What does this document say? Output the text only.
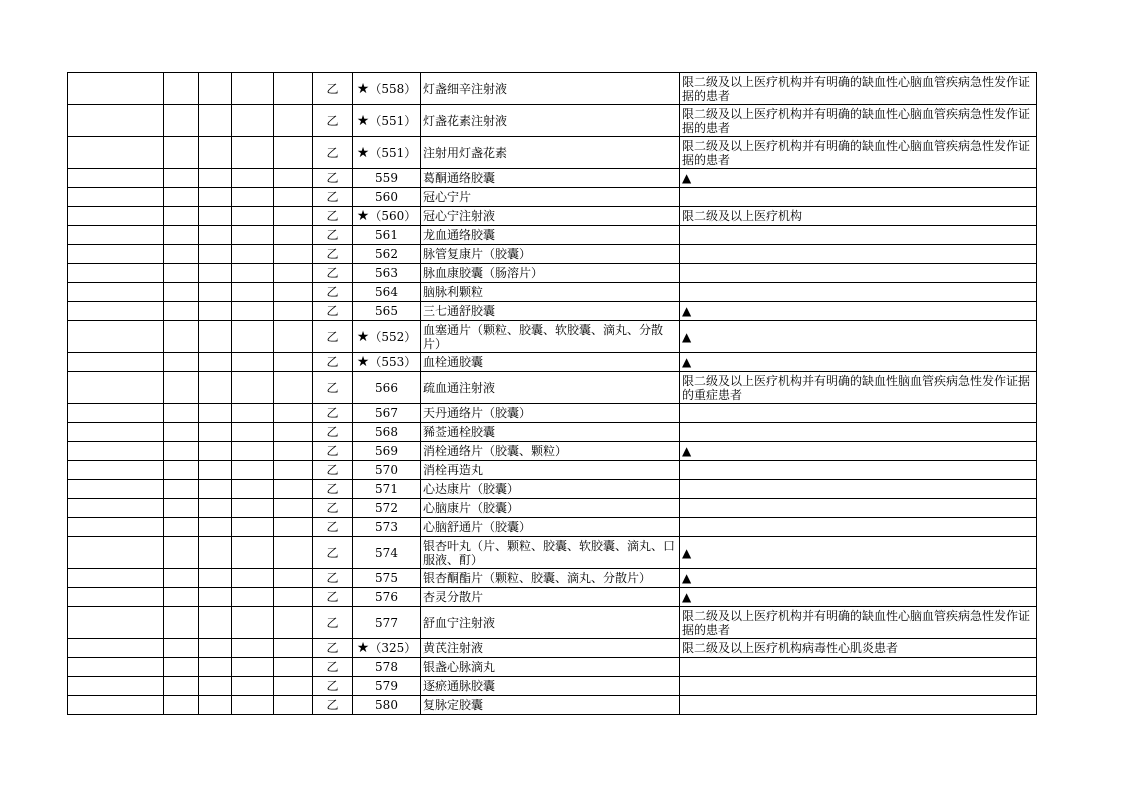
					乙	★（558）	灯盏细辛注射液	限二级及以上医疗机构并有明确的缺血性心脑血管疾病急性发作证据的患者
					乙	★（551）	灯盏花素注射液	限二级及以上医疗机构并有明确的缺血性心脑血管疾病急性发作证据的患者
					乙	★（551）	注射用灯盏花素	限二级及以上医疗机构并有明确的缺血性心脑血管疾病急性发作证据的患者
					乙	559	葛酮通络胶囊	▲
					乙	560	冠心宁片	
					乙	★（560）	冠心宁注射液	限二级及以上医疗机构
					乙	561	龙血通络胶囊	
					乙	562	脉管复康片（胶囊）	
					乙	563	脉血康胶囊（肠溶片）	
					乙	564	脑脉利颗粒	
					乙	565	三七通舒胶囊	▲
					乙	★（552）	血塞通片（颗粒、胶囊、软胶囊、滴丸、分散片）	▲
					乙	★（553）	血栓通胶囊	▲
					乙	566	疏血通注射液	限二级及以上医疗机构并有明确的缺血性脑血管疾病急性发作证据的重症患者
					乙	567	天丹通络片（胶囊）	
					乙	568	豨莶通栓胶囊	
					乙	569	消栓通络片（胶囊、颗粒）	▲
					乙	570	消栓再造丸	
					乙	571	心达康片（胶囊）	
					乙	572	心脑康片（胶囊）	
					乙	573	心脑舒通片（胶囊）	
					乙	574	银杏叶丸（片、颗粒、胶囊、软胶囊、滴丸、口服液、酊）	▲
					乙	575	银杏酮酯片（颗粒、胶囊、滴丸、分散片）	▲
					乙	576	杏灵分散片	▲
					乙	577	舒血宁注射液	限二级及以上医疗机构并有明确的缺血性心脑血管疾病急性发作证据的患者
					乙	★（325）	黄芪注射液	限二级及以上医疗机构病毒性心肌炎患者
					乙	578	银盏心脉滴丸	
					乙	579	逐瘀通脉胶囊	
					乙	580	复脉定胶囊	
